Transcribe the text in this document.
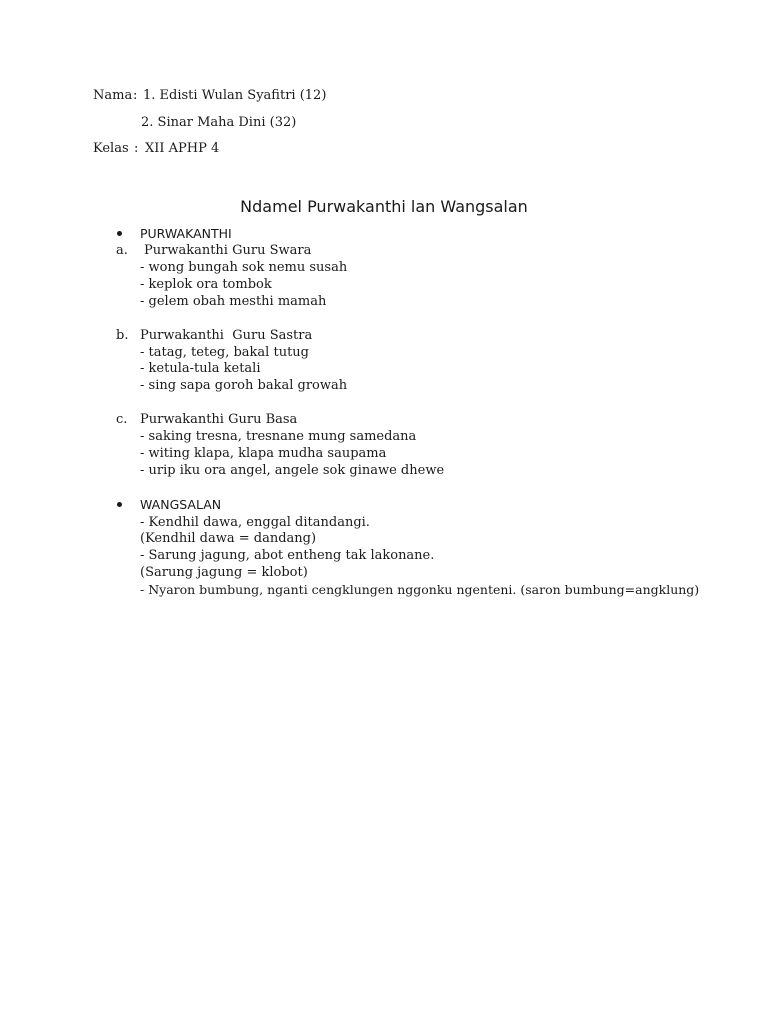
Nama : 1. Edisti Wulan Syafitri (12)
2. Sinar Maha Dini (32)
Kelas : XII APHP 4
Ndamel Purwakanthi lan Wangsalan
PURWAKANTHI
a. Purwakanthi Guru Swara
- wong bungah sok nemu susah
- keplok ora tombok
- gelem obah mesthi mamah
b. Purwakanthi  Guru Sastra
- tatag, teteg, bakal tutug
- ketula-tula ketali
- sing sapa goroh bakal growah
c. Purwakanthi Guru Basa
- saking tresna, tresnane mung samedana
- witing klapa, klapa mudha saupama
- urip iku ora angel, angele sok ginawe dhewe
WANGSALAN
- Kendhil dawa, enggal ditandangi.
(Kendhil dawa = dandang)
- Sarung jagung, abot entheng tak lakonane.
(Sarung jagung = klobot)
- Nyaron bumbung, nganti cengklungen nggonku ngenteni. (saron bumbung=angklung)
